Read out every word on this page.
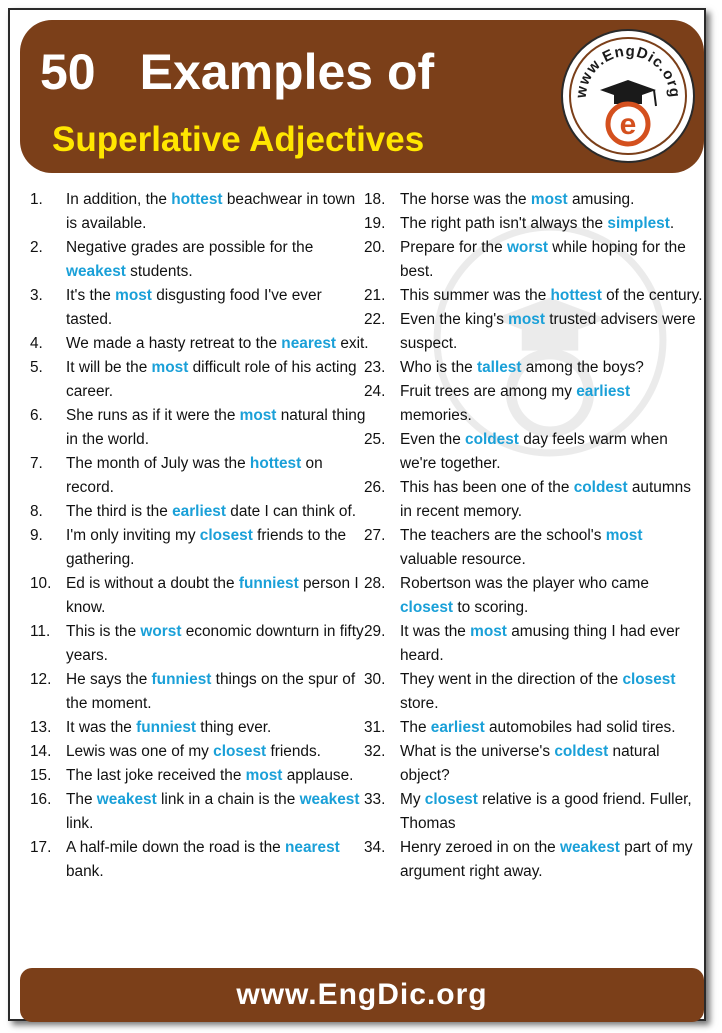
50 Examples of
Superlative Adjectives
www.EngDic.org
e
1.	In addition, the hottest beachwear in town is available.
2.	Negative grades are possible for the weakest students.
3.	It's the most disgusting food I've ever tasted.
4.	We made a hasty retreat to the nearest exit.
5.	It will be the most difficult role of his acting career.
6.	She runs as if it were the most natural thing in the world.
7.	The month of July was the hottest on record.
8.	The third is the earliest date I can think of.
9.	I'm only inviting my closest friends to the gathering.
10. Ed is without a doubt the funniest person I know.
11.	This is the worst economic downturn in fifty years.
12. He says the funniest things on the spur of the moment.
13. It was the funniest thing ever.
14. Lewis was one of my closest friends.
15. The last joke received the most applause.
16. The weakest link in a chain is the weakest link.
17. A half-mile down the road is the nearest bank.
18. The horse was the most amusing.
19. The right path isn't always the simplest.
20. Prepare for the worst while hoping for the best.
21. This summer was the hottest of the century.
22. Even the king's most trusted advisers were suspect.
23. Who is the tallest among the boys?
24. Fruit trees are among my earliest memories.
25. Even the coldest day feels warm when we're together.
26. This has been one of the coldest autumns in recent memory.
27. The teachers are the school's most valuable resource.
28. Robertson was the player who came closest to scoring.
29. It was the most amusing thing I had ever heard.
30. They went in the direction of the closest store.
31. The earliest automobiles had solid tires.
32. What is the universe's coldest natural object?
33. My closest relative is a good friend. Fuller, Thomas
34. Henry zeroed in on the weakest part of my argument right away.
www.EngDic.org
